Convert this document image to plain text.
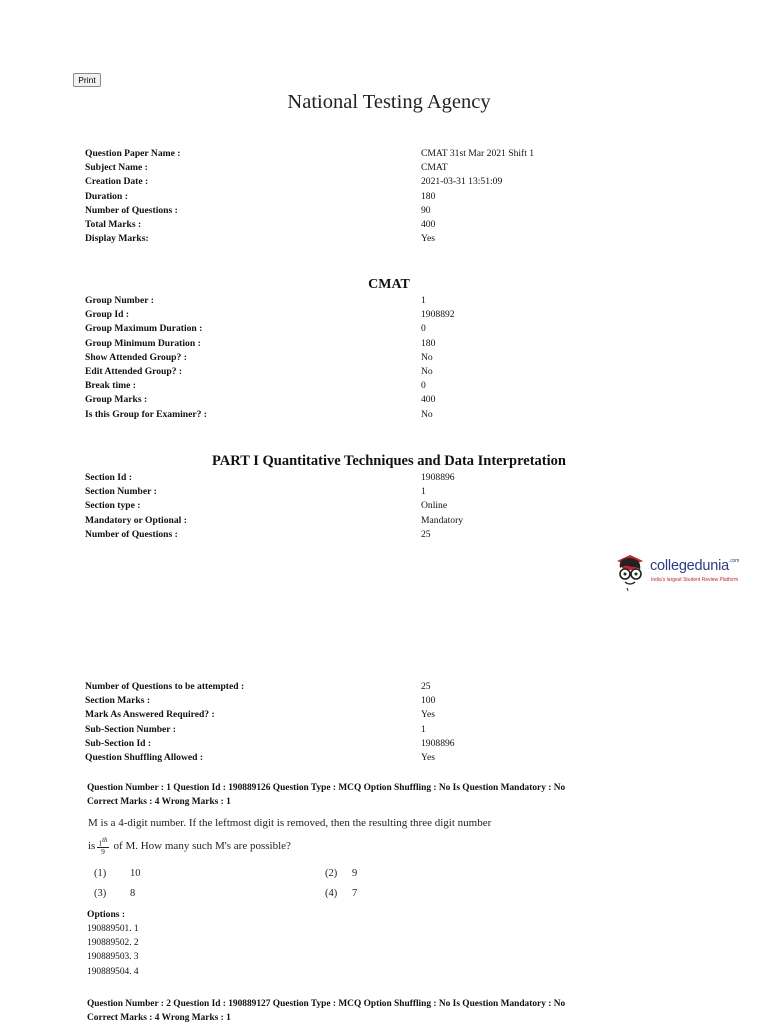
Print
National Testing Agency
Question Paper Name :	CMAT 31st Mar 2021 Shift 1
Subject Name :	CMAT
Creation Date :	2021-03-31 13:51:09
Duration :	180
Number of Questions :	90
Total Marks :	400
Display Marks:	Yes
CMAT
Group Number :	1
Group Id :	1908892
Group Maximum Duration :	0
Group Minimum Duration :	180
Show Attended Group? :	No
Edit Attended Group? :	No
Break time :	0
Group Marks :	400
Is this Group for Examiner? :	No
PART I Quantitative Techniques and Data Interpretation
Section Id :	1908896
Section Number :	1
Section type :	Online
Mandatory or Optional :	Mandatory
Number of Questions :	25
collegedunia$^{.com}$
India's largest Student Review Platform
Number of Questions to be attempted :	25
Section Marks :	100
Mark As Answered Required? :	Yes
Sub-Section Number :	1
Sub-Section Id :	1908896
Question Shuffling Allowed :	Yes
Question Number : 1 Question Id : 190889126 Question Type : MCQ Option Shuffling : No Is Question Mandatory : No
Correct Marks : 4 Wrong Marks : 1
M is a 4-digit number. If the leftmost digit is removed, then the resulting three digit number
is $\frac{1^{th}}{9}$ of M. How many such M's are possible?
(1) 10	(2) 9
(3) 8	(4) 7
Options :
190889501. 1
190889502. 2
190889503. 3
190889504. 4
Question Number : 2 Question Id : 190889127 Question Type : MCQ Option Shuffling : No Is Question Mandatory : No
Correct Marks : 4 Wrong Marks : 1
